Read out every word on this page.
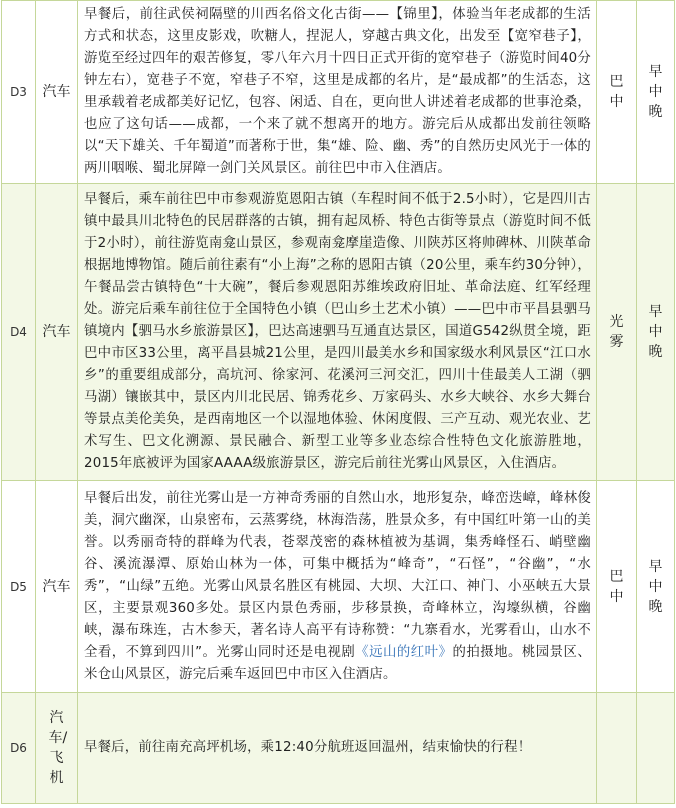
D3	汽车	早餐后，前往武侯祠隔壁的川西名俗文化古街——【锦里】，体验当年老成都的生活方式和状态，这里皮影戏，吹糖人，捏泥人，穿越古典文化，出发至【宽窄巷子】，游览至经过四年的艰苦修复，零八年六月十四日正式开街的宽窄巷子（游览时间40分钟左右），宽巷子不宽，窄巷子不窄，这里是成都的名片，是“最成都”的生活态，这里承载着老成都美好记忆，包容、闲适、自在，更向世人讲述着老成都的世事沧桑，也应了这句话——成都，一个来了就不想离开的地方。游完后从成都出发前往领略以“天下雄关、千年蜀道”而著称于世，集“雄、险、幽、秀”的自然历史风光于一体的两川咽喉、蜀北屏障一剑门关风景区。前往巴中市入住酒店。	巴中	早中晚
D4	汽车	早餐后，乘车前往巴中市参观游览恩阳古镇（车程时间不低于2.5小时），它是四川古镇中最具川北特色的民居群落的古镇，拥有起凤桥、特色古街等景点（游览时间不低于2小时），前往游览南龛山景区，参观南龛摩崖造像、川陕苏区将帅碑林、川陕革命根据地博物馆。随后前往素有“小上海”之称的恩阳古镇（20公里，乘车约30分钟），午餐品尝古镇特色“十大碗”，餐后参观恩阳苏维埃政府旧址、革命法庭、红军经理处。游完后乘车前往位于全国特色小镇（巴山乡土艺术小镇）——巴中市平昌县驷马镇境内【驷马水乡旅游景区】，巴达高速驷马互通直达景区，国道G542纵贯全境，距巴中市区33公里，离平昌县城21公里，是四川最美水乡和国家级水利风景区“江口水乡”的重要组成部分，高坑河、徐家河、花溪河三河交汇，四川十佳最美人工湖（驷马湖）镶嵌其中，景区内川北民居、锦秀花乡、万家码头、水乡大峡谷、水乡大舞台等景点美伦美奂，是西南地区一个以湿地体验、休闲度假、三产互动、观光农业、艺术写生、巴文化溯源、景民融合、新型工业等多业态综合性特色文化旅游胜地，2015年底被评为国家AAAA级旅游景区，游完后前往光雾山风景区，入住酒店。	光雾	早中晚
D5	汽车	早餐后出发，前往光雾山是一方神奇秀丽的自然山水，地形复杂，峰峦迭嶂，峰林俊美，洞穴幽深，山泉密布，云蒸雾绕，林海浩荡，胜景众多，有中国红叶第一山的美誉。以秀丽奇特的群峰为代表，苍翠茂密的森林植被为基调，集秀峰怪石、峭壁幽谷、溪流瀑潭、原始山林为一体，可集中概括为“峰奇”，“石怪”，“谷幽”，“水秀”，“山绿”五绝。光雾山风景名胜区有桃园、大坝、大江口、神门、小巫峡五大景区，主要景观360多处。景区内景色秀丽，步移景换，奇峰林立，沟壕纵横，谷幽峡，瀑布珠连，古木参天，著名诗人高平有诗称赞：“九寨看水，光雾看山，山水不全看，不算到四川”。光雾山同时还是电视剧《远山的红叶》的拍摄地。桃园景区、米仓山风景区，游完后乘车返回巴中市区入住酒店。	巴中	早中晚
D6	汽车/飞机	早餐后，前往南充高坪机场，乘12:40分航班返回温州，结束愉快的行程！		
